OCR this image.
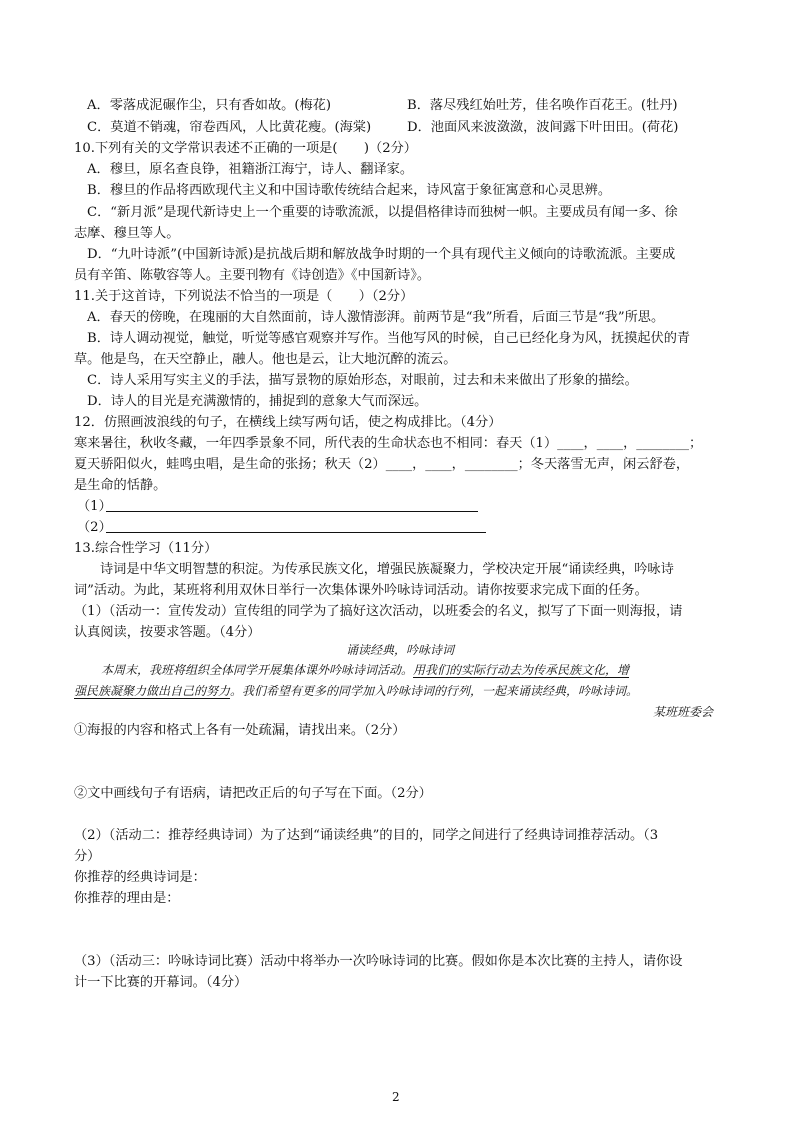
A．零落成泥碾作尘，只有香如故。(梅花)	B．落尽残红始吐芳，佳名唤作百花王。(牡丹)
C．莫道不销魂，帘卷西风，人比黄花瘦。(海棠)	D．池面风来波潋潋，波间露下叶田田。(荷花)
10.下列有关的文学常识表述不正确的一项是(　　)（2分）
A．穆旦，原名查良铮，祖籍浙江海宁，诗人、翻译家。
B．穆旦的作品将西欧现代主义和中国诗歌传统结合起来，诗风富于象征寓意和心灵思辨。
C．“新月派”是现代新诗史上一个重要的诗歌流派，以提倡格律诗而独树一帜。主要成员有闻一多、徐
志摩、穆旦等人。
D．“九叶诗派”(中国新诗派)是抗战后期和解放战争时期的一个具有现代主义倾向的诗歌流派。主要成
员有辛笛、陈敬容等人。主要刊物有《诗创造》《中国新诗》。
11.关于这首诗，下列说法不恰当的一项是（　　）（2分）
A．春天的傍晚，在瑰丽的大自然面前，诗人激情澎湃。前两节是“我”所看，后面三节是“我”所思。
B．诗人调动视觉，触觉，听觉等感官观察并写作。当他写风的时候，自己已经化身为风，抚摸起伏的青
草。他是鸟，在天空静止，融人。他也是云，让大地沉醉的流云。
C．诗人采用写实主义的手法，描写景物的原始形态，对眼前，过去和未来做出了形象的描绘。
D．诗人的目光是充满激情的，捕捉到的意象大气而深远。
12．仿照画波浪线的句子，在横线上续写两句话，使之构成排比。（4分）
寒来暑往，秋收冬藏，一年四季景象不同，所代表的生命状态也不相同：春天（1）____，____，________；
夏天骄阳似火，蛙鸣虫唱，是生命的张扬；秋天（2）____，____，________；冬天落雪无声，闲云舒卷，
是生命的恬静。
（1）
（2）
13.综合性学习（11分）
诗词是中华文明智慧的积淀。为传承民族文化，增强民族凝聚力，学校决定开展“诵读经典，吟咏诗
词”活动。为此，某班将利用双休日举行一次集体课外吟咏诗词活动。请你按要求完成下面的任务。
（1）（活动一：宣传发动）宣传组的同学为了搞好这次活动，以班委会的名义，拟写了下面一则海报，请
认真阅读，按要求答题。（4分）
诵读经典，吟咏诗词
本周末，我班将组织全体同学开展集体课外吟咏诗词活动。用我们的实际行动去为传承民族文化，增
强民族凝聚力做出自己的努力。我们希望有更多的同学加入吟咏诗词的行列，一起来诵读经典，吟咏诗词。
某班班委会
①海报的内容和格式上各有一处疏漏，请找出来。（2分）
②文中画线句子有语病，请把改正后的句子写在下面。（2分）
（2）（活动二：推荐经典诗词）为了达到“诵读经典”的目的，同学之间进行了经典诗词推荐活动。（3
分）
你推荐的经典诗词是：
你推荐的理由是：
（3）（活动三：吟咏诗词比赛）活动中将举办一次吟咏诗词的比赛。假如你是本次比赛的主持人，请你设
计一下比赛的开幕词。（4分）
2
